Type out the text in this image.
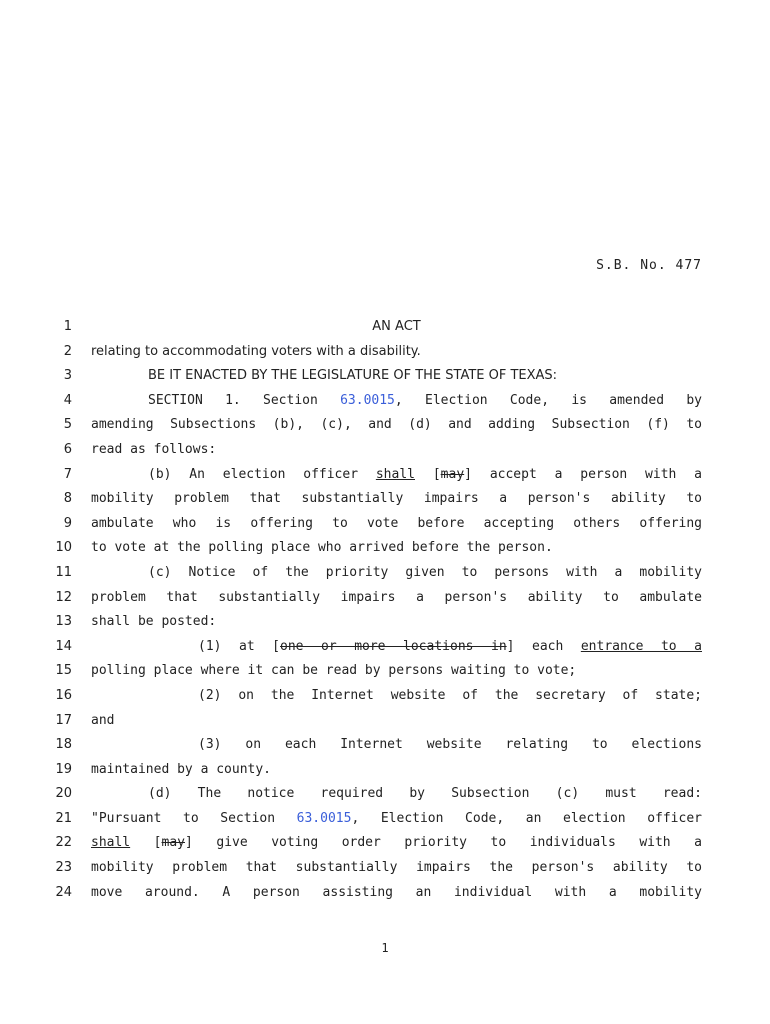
S.B. No. 477
1	AN ACT
2 relating to accommodating voters with a disability.
3	BE IT ENACTED BY THE LEGISLATURE OF THE STATE OF TEXAS:
4	SECTION 1. Section 63.0015, Election Code, is amended by
5 amending Subsections (b), (c), and (d) and adding Subsection (f) to
6 read as follows:
7	(b) An election officer shall [may] accept a person with a
8 mobility problem that substantially impairs a person's ability to
9 ambulate who is offering to vote before accepting others offering
10 to vote at the polling place who arrived before the person.
11	(c) Notice of the priority given to persons with a mobility
12 problem that substantially impairs a person's ability to ambulate
13 shall be posted:
14	(1) at [one or more locations in] each entrance to a
15 polling place where it can be read by persons waiting to vote;
16	(2) on the Internet website of the secretary of state;
17 and
18	(3) on each Internet website relating to elections
19 maintained by a county.
20	(d) The notice required by Subsection (c) must read:
21 "Pursuant to Section 63.0015, Election Code, an election officer
22 shall [may] give voting order priority to individuals with a
23 mobility problem that substantially impairs the person's ability to
24 move around. A person assisting an individual with a mobility
1
